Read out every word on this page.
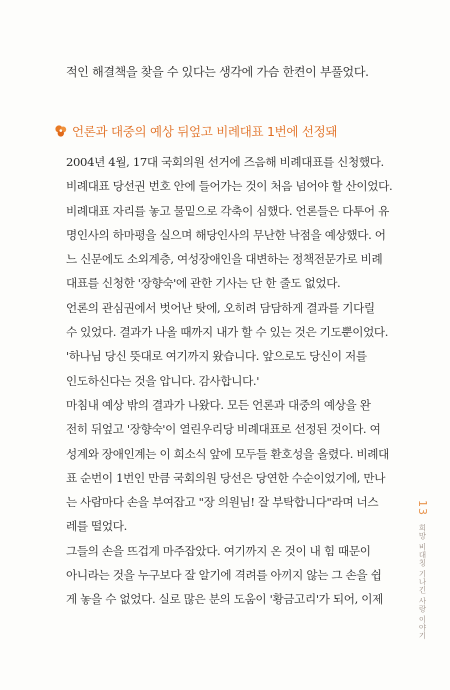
적인 해결책을 찾을 수 있다는 생각에 가슴 한켠이 부풀었다.
언론과 대중의 예상 뒤엎고 비례대표 1번에 선정돼
2004년 4월, 17대 국회의원 선거에 즈음해 비례대표를 신청했다.
비례대표 당선권 번호 안에 들어가는 것이 처음 넘어야 할 산이었다.
비례대표 자리를 놓고 물밑으로 각축이 심했다. 언론들은 다투어 유
명인사의 하마평을 실으며 해당인사의 무난한 낙점을 예상했다. 어
느 신문에도 소외계층, 여성장애인을 대변하는 정책전문가로 비례
대표를 신청한 '장향숙'에 관한 기사는 단 한 줄도 없었다.
언론의 관심권에서 벗어난 탓에, 오히려 담담하게 결과를 기다릴
수 있었다. 결과가 나올 때까지 내가 할 수 있는 것은 기도뿐이었다.
'하나님 당신 뜻대로 여기까지 왔습니다. 앞으로도 당신이 저를
인도하신다는 것을 압니다. 감사합니다.'
마침내 예상 밖의 결과가 나왔다. 모든 언론과 대중의 예상을 완
전히 뒤엎고 '장향숙'이 열린우리당 비례대표로 선정된 것이다. 여
성계와 장애인계는 이 희소식 앞에 모두들 환호성을 올렸다. 비례대
표 순번이 1번인 만큼 국회의원 당선은 당연한 수순이었기에, 만나
는 사람마다 손을 부여잡고 "장 의원님! 잘 부탁합니다"라며 너스
레를 떨었다.
그들의 손을 뜨겁게 마주잡았다. 여기까지 온 것이 내 힘 때문이
아니라는 것을 누구보다 잘 알기에 격려를 아끼지 않는 그 손을 쉽
게 놓을 수 없었다. 실로 많은 분의 도움이 '황금고리'가 되어, 이제
13
희망 비대칭 기나긴 사랑 이야기
